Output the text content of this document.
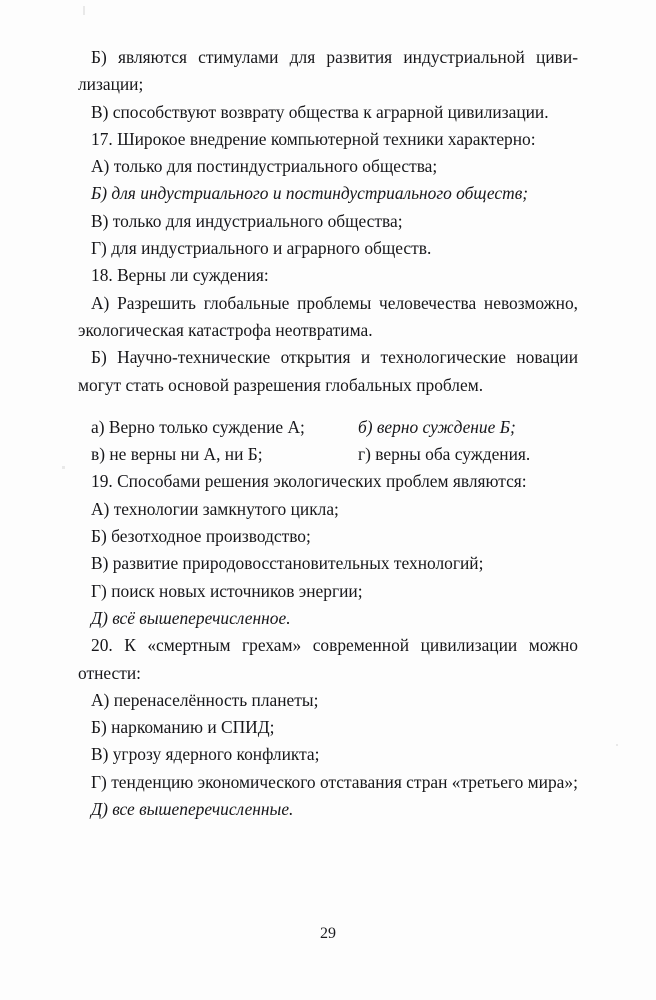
Б) являются стимулами для развития индустриальной цивилизации;

В) способствуют возврату общества к аграрной цивилизации.

17. Широкое внедрение компьютерной техники характерно:

А) только для постиндустриального общества;

Б) для индустриального и постиндустриального обществ;

В) только для индустриального общества;

Г) для индустриального и аграрного обществ.

18. Верны ли суждения:

А) Разрешить глобальные проблемы человечества невозможно, экологическая катастрофа неотвратима.

Б) Научно-технические открытия и технологические новации могут стать основой разрешения глобальных проблем.

а) Верно только суждение А;	б) верно суждение Б;
в) не верны ни А, ни Б;	г) верны оба суждения.

19. Способами решения экологических проблем являются:

А) технологии замкнутого цикла;

Б) безотходное производство;

В) развитие природовосстановительных технологий;

Г) поиск новых источников энергии;

Д) всё вышеперечисленное.

20. К «смертным грехам» современной цивилизации можно отнести:

А) перенаселённость планеты;

Б) наркоманию и СПИД;

В) угрозу ядерного конфликта;

Г) тенденцию экономического отставания стран «третьего мира»;

Д) все вышеперечисленные.

29
